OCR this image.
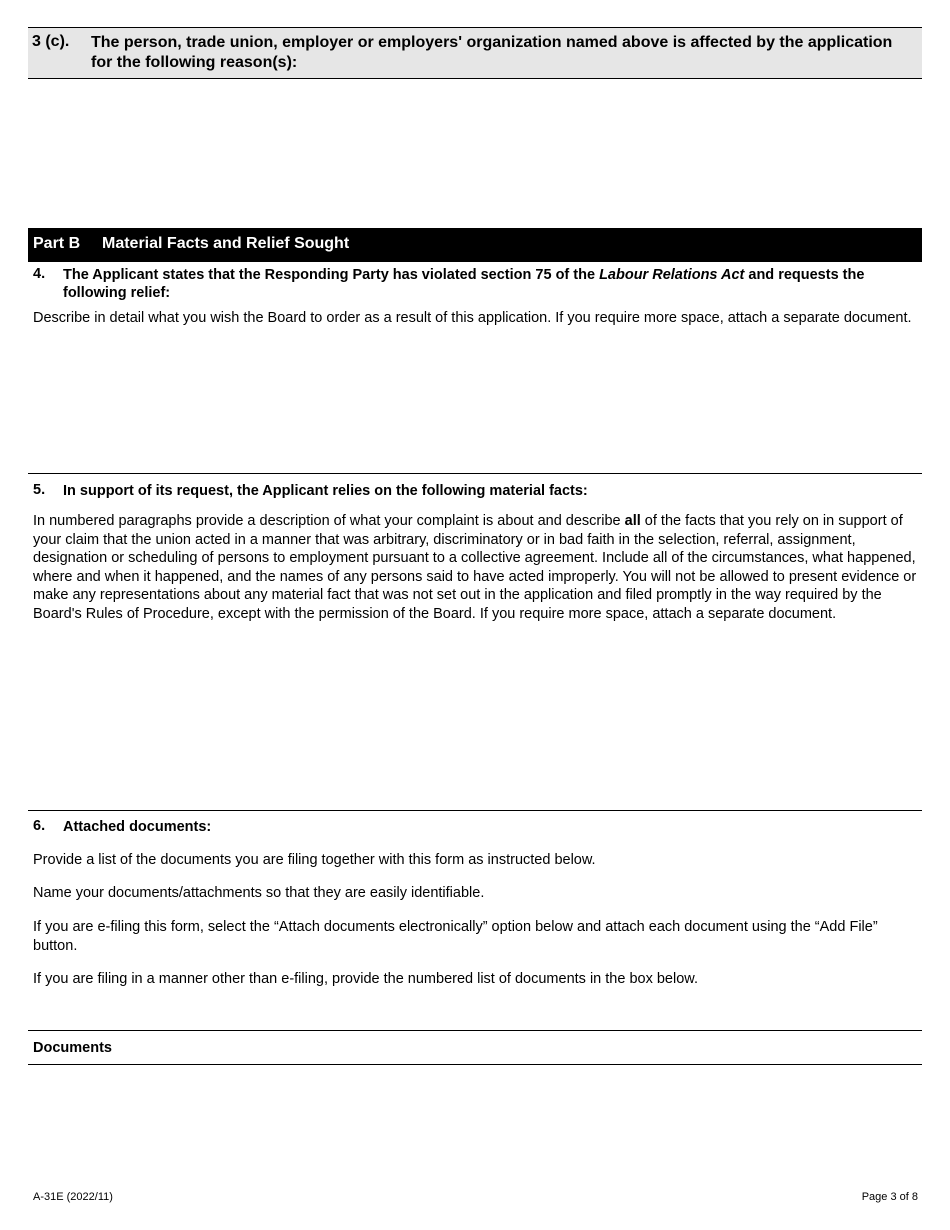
3 (c). The person, trade union, employer or employers' organization named above is affected by the application for the following reason(s):
Part B Material Facts and Relief Sought
4. The Applicant states that the Responding Party has violated section 75 of the Labour Relations Act and requests the following relief:
Describe in detail what you wish the Board to order as a result of this application. If you require more space, attach a separate document.
5. In support of its request, the Applicant relies on the following material facts:
In numbered paragraphs provide a description of what your complaint is about and describe all of the facts that you rely on in support of your claim that the union acted in a manner that was arbitrary, discriminatory or in bad faith in the selection, referral, assignment, designation or scheduling of persons to employment pursuant to a collective agreement. Include all of the circumstances, what happened, where and when it happened, and the names of any persons said to have acted improperly. You will not be allowed to present evidence or make any representations about any material fact that was not set out in the application and filed promptly in the way required by the Board's Rules of Procedure, except with the permission of the Board. If you require more space, attach a separate document.
6. Attached documents:
Provide a list of the documents you are filing together with this form as instructed below.
Name your documents/attachments so that they are easily identifiable.
If you are e-filing this form, select the “Attach documents electronically” option below and attach each document using the “Add File” button.
If you are filing in a manner other than e-filing, provide the numbered list of documents in the box below.
Documents
A-31E (2022/11)	Page 3 of 8
